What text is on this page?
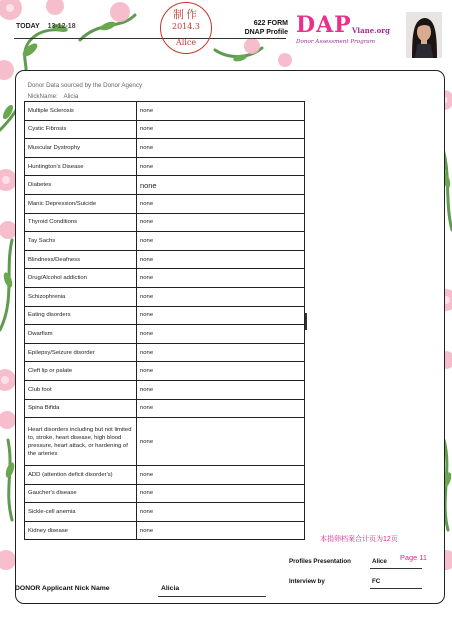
TODAY 13-12-18
制作
2014.3
Alice
622 FORM
DNAP Profile DAP Vlane.org
Donor Assessment Program
Donor Data sourced by the Donor Agency	
NickName: Alicia	
Multiple Sclerosis	none
Cystic Fibrosis	none
Muscular Dystrophy	none
Huntington's Disease	none
Diabetes	none
Manic Depression/Suicide	none
Thyroid Conditions	none
Tay Sachs	none
Blindness/Deafness	none
Drug/Alcohol addiction	none
Schizophrenia	none
Eating disorders	none
Dwarfism	none
Epilepsy/Seizure disorder	none
Cleft lip or palate	none
Club foot	none
Spina Bifida	none
Heart disorders including but not limited to, stroke, heart disease, high blood pressure, heart attack, or hardening of the arteries	none
ADD (attention deficit disorder's)	none
Gaucher's disease	none
Sickle-cell anemia	none
Kidney disease	none
本捐卵档案合计页为12页
Page 11
Profiles Presentation	Alice
Interview by	FC
DONOR Applicant Nick Name	Alicia
